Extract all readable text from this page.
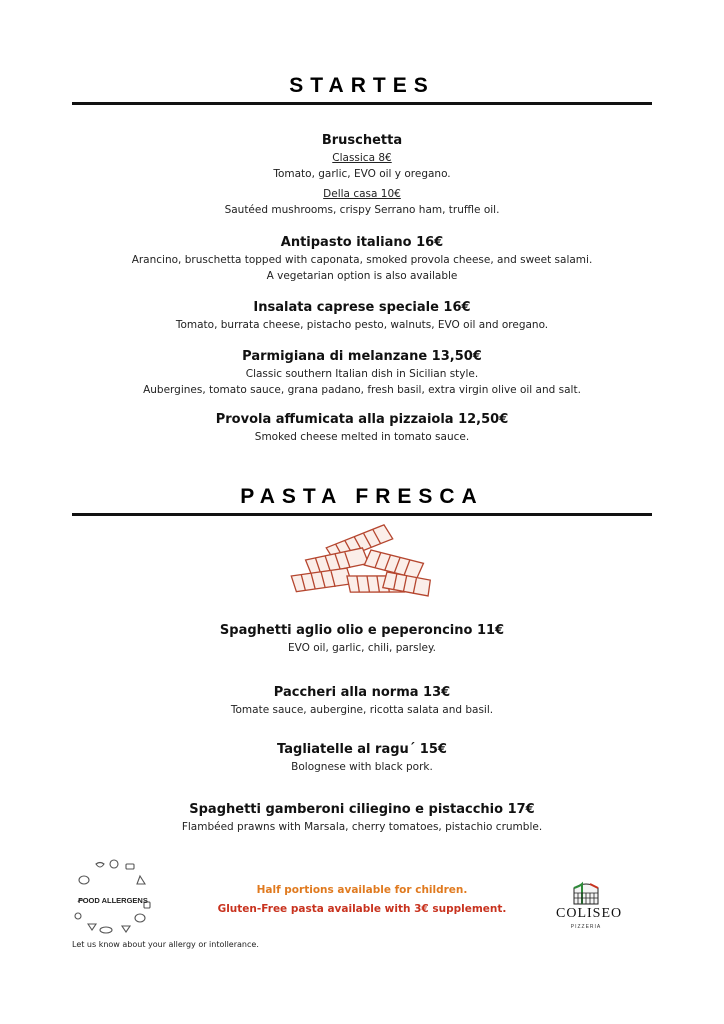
STARTES
Bruschetta
Classica 8€
Tomato, garlic, EVO oil y oregano.
Della casa 10€
Sautéed mushrooms, crispy Serrano ham, truffle oil.
Antipasto italiano 16€
Arancino, bruschetta topped with caponata, smoked provola cheese, and sweet salami.
A vegetarian option is also available
Insalata caprese speciale 16€
Tomato, burrata cheese, pistacho pesto, walnuts, EVO oil and oregano.
Parmigiana di melanzane 13,50€
Classic southern Italian dish in Sicilian style.
Aubergines, tomato sauce, grana padano, fresh basil, extra virgin olive oil and salt.
Provola affumicata alla pizzaiola 12,50€
Smoked cheese melted in tomato sauce.
PASTA FRESCA
Spaghetti aglio olio e peperoncino 11€
EVO oil, garlic, chili, parsley.
Paccheri alla norma 13€
Tomate sauce, aubergine, ricotta salata and basil.
Tagliatelle al ragu´ 15€
Bolognese with black pork.
Spaghetti gamberoni ciliegino e pistacchio 17€
Flambéed prawns with Marsala, cherry tomatoes, pistachio crumble.
FOOD ALLERGENS
Let us know about your allergy or intollerance.
Half portions available for children.
Gluten-Free pasta available with 3€ supplement.	COLISEO
PIZZERIA
